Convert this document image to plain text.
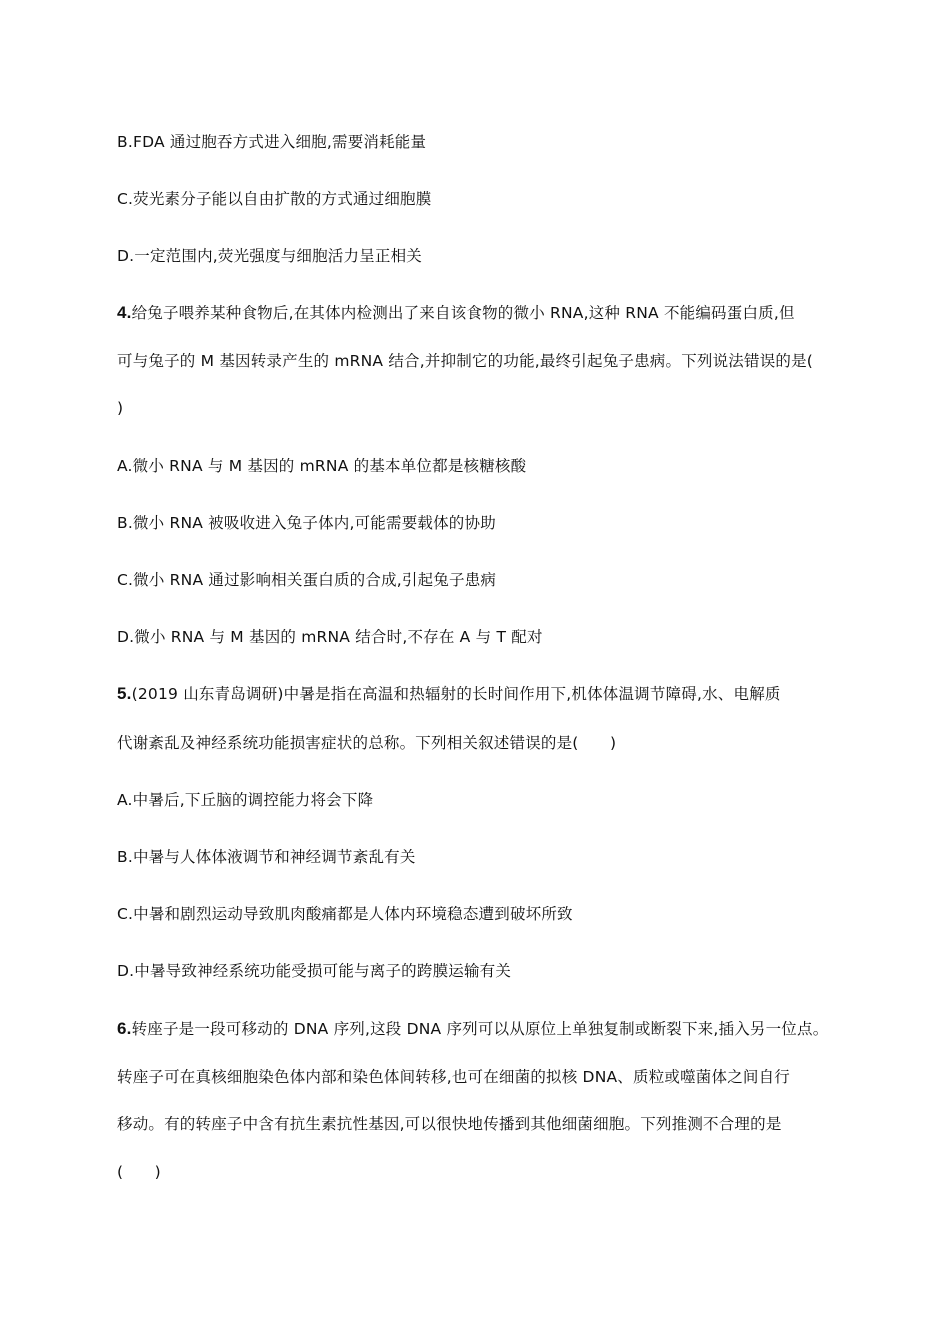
B.FDA 通过胞吞方式进入细胞,需要消耗能量
C.荧光素分子能以自由扩散的方式通过细胞膜
D.一定范围内,荧光强度与细胞活力呈正相关
4.给兔子喂养某种食物后,在其体内检测出了来自该食物的微小 RNA,这种 RNA 不能编码蛋白质,但
可与兔子的 M 基因转录产生的 mRNA 结合,并抑制它的功能,最终引起兔子患病。下列说法错误的是(
)
A.微小 RNA 与 M 基因的 mRNA 的基本单位都是核糖核酸
B.微小 RNA 被吸收进入兔子体内,可能需要载体的协助
C.微小 RNA 通过影响相关蛋白质的合成,引起兔子患病
D.微小 RNA 与 M 基因的 mRNA 结合时,不存在 A 与 T 配对
5.(2019 山东青岛调研)中暑是指在高温和热辐射的长时间作用下,机体体温调节障碍,水、电解质
代谢紊乱及神经系统功能损害症状的总称。下列相关叙述错误的是(　　)
A.中暑后,下丘脑的调控能力将会下降
B.中暑与人体体液调节和神经调节紊乱有关
C.中暑和剧烈运动导致肌肉酸痛都是人体内环境稳态遭到破坏所致
D.中暑导致神经系统功能受损可能与离子的跨膜运输有关
6.转座子是一段可移动的 DNA 序列,这段 DNA 序列可以从原位上单独复制或断裂下来,插入另一位点。
转座子可在真核细胞染色体内部和染色体间转移,也可在细菌的拟核 DNA、质粒或噬菌体之间自行
移动。有的转座子中含有抗生素抗性基因,可以很快地传播到其他细菌细胞。下列推测不合理的是
(　　)
